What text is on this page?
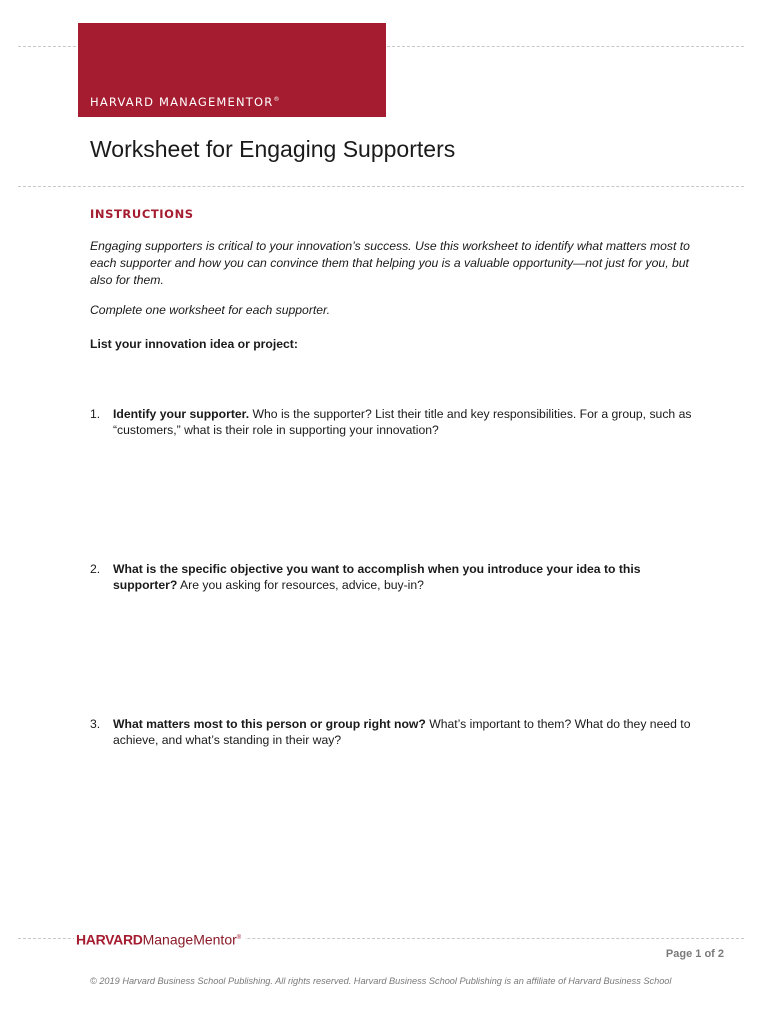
HARVARD MANAGEMENTOR®
Worksheet for Engaging Supporters
INSTRUCTIONS
Engaging supporters is critical to your innovation’s success. Use this worksheet to identify what matters most to each supporter and how you can convince them that helping you is a valuable opportunity—not just for you, but also for them.
Complete one worksheet for each supporter.
List your innovation idea or project:
1.	Identify your supporter. Who is the supporter? List their title and key responsibilities. For a group, such as “customers,” what is their role in supporting your innovation?
2.	What is the specific objective you want to accomplish when you introduce your idea to this supporter? Are you asking for resources, advice, buy-in?
3.	What matters most to this person or group right now? What’s important to them? What do they need to achieve, and what’s standing in their way?
HARVARDManageMentor®
Page 1 of 2
© 2019 Harvard Business School Publishing. All rights reserved. Harvard Business School Publishing is an affiliate of Harvard Business School
